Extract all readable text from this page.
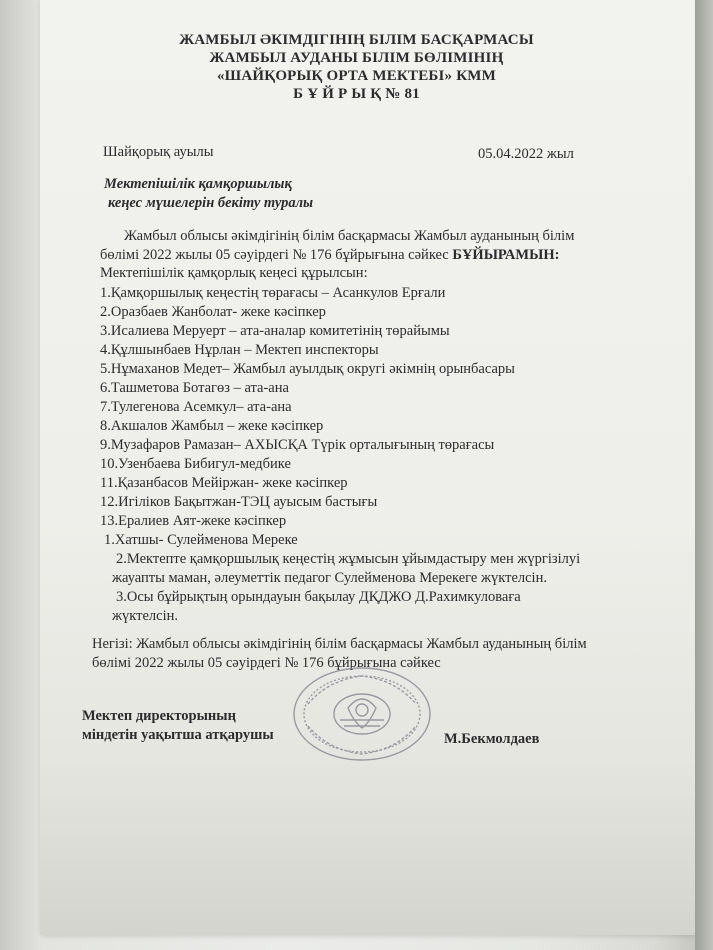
ЖАМБЫЛ ӘКІМДІГІНІҢ БІЛІМ БАСҚАРМАСЫ
ЖАМБЫЛ АУДАНЫ БІЛІМ БӨЛІМІНІҢ
«ШАЙҚОРЫҚ ОРТА МЕКТЕБІ» КММ
Б Ұ Й Р Ы Қ № 81
Шайқорық ауылы	05.04.2022 жыл
Мектепішілік қамқоршылық
кеңес мүшелерін бекіту туралы
Жамбыл облысы әкімдігінің білім басқармасы Жамбыл ауданының білім
бөлімі 2022 жылы 05 сәуірдегі № 176 бұйрығына сәйкес БҰЙЫРАМЫН:
Мектепішілік қамқорлық кеңесі құрылсын:
1.Қамқоршылық кеңестің төрағасы – Асанкулов Ерғали
2.Оразбаев Жанболат- жеке кәсіпкер
3.Исалиева Меруерт – ата-аналар комитетінің төрайымы
4.Құлшынбаев Нұрлан – Мектеп инспекторы
5.Нұмаханов Медет– Жамбыл ауылдық округі әкімнің орынбасары
6.Ташметова Ботагөз – ата-ана
7.Тулегенова Асемкул– ата-ана
8.Акшалов Жамбыл – жеке кәсіпкер
9.Музафаров Рамазан– АХЫСҚА Түрік орталығының төрағасы
10.Узенбаева Бибигул-медбике
11.Қазанбасов Мейіржан- жеке кәсіпкер
12.Игіліков Бақытжан-ТЭЦ ауысым бастығы
13.Ералиев Аят-жеке кәсіпкер
1.Хатшы- Сулейменова Мереке
2.Мектепте қамқоршылық кеңестің жұмысын ұйымдастыру мен жүргізілуі
жауапты маман, әлеуметтік педагог Сулейменова Мерекеге жүктелсін.
3.Осы бұйрықтың орындауын бақылау ДҚДЖО Д.Рахимкуловаға
жүктелсін.
Негізі: Жамбыл облысы әкімдігінің білім басқармасы Жамбыл ауданының білім
бөлімі 2022 жылы 05 сәуірдегі № 176 бұйрығына сәйкес
Мектеп директорының
міндетін уақытша атқарушы	М.Бекмолдаев
